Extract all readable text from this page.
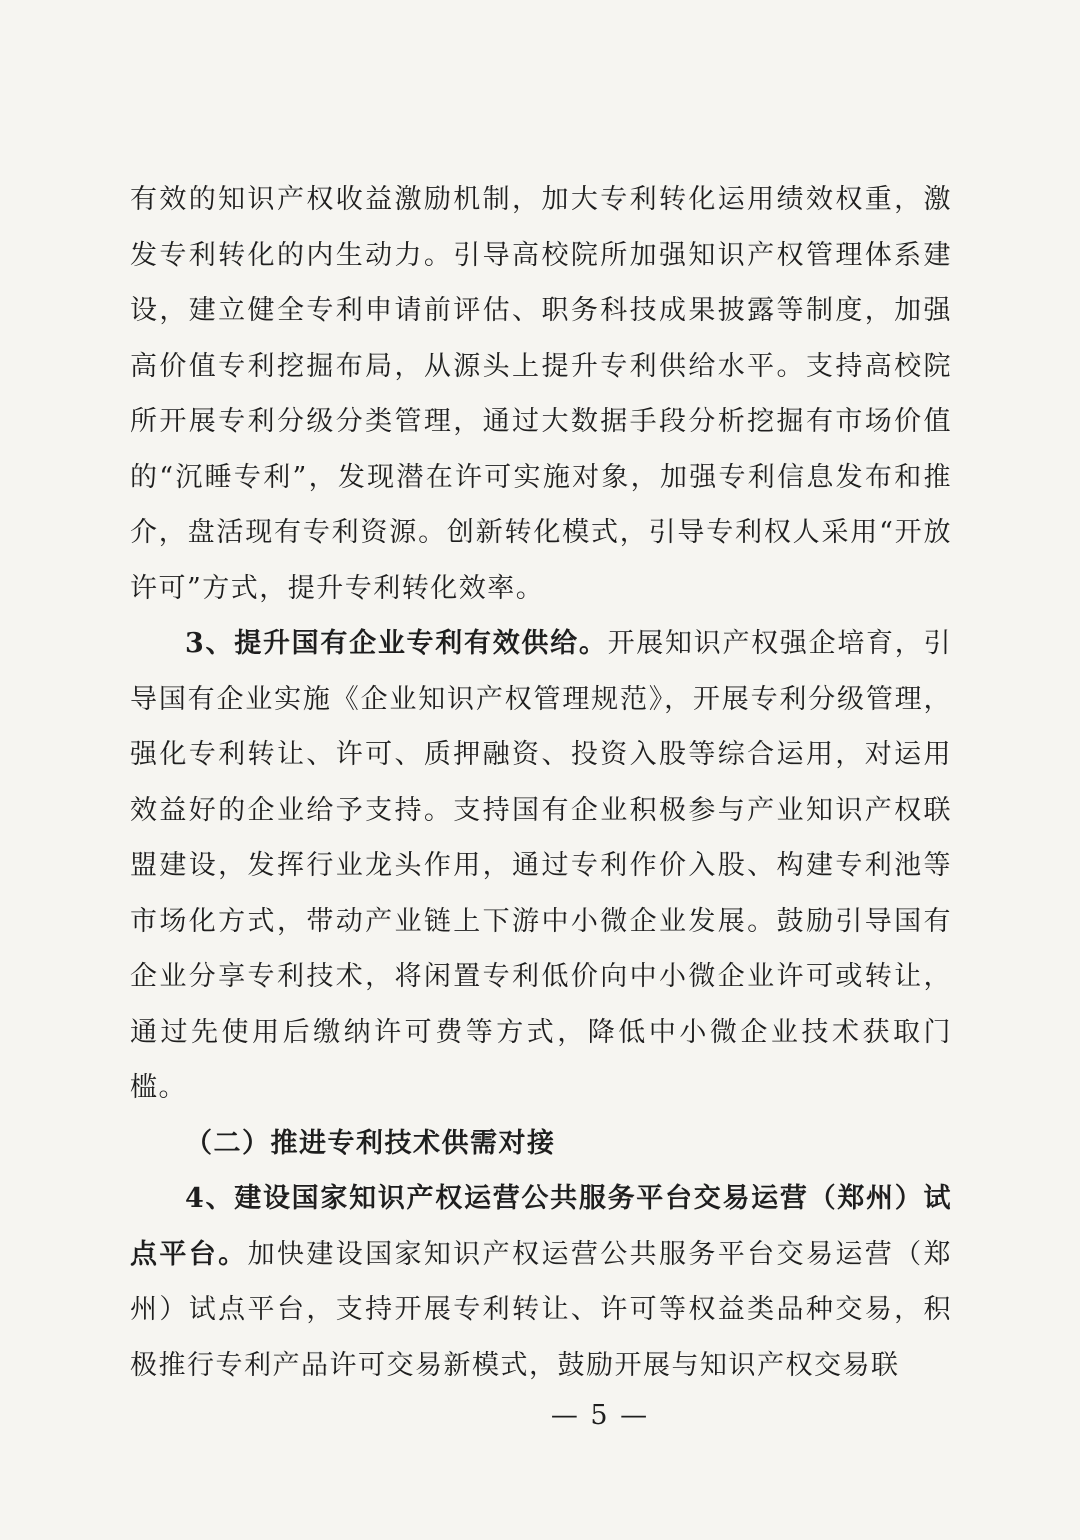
有效的知识产权收益激励机制，加大专利转化运用绩效权重，激发专利转化的内生动力。引导高校院所加强知识产权管理体系建设，建立健全专利申请前评估、职务科技成果披露等制度，加强高价值专利挖掘布局，从源头上提升专利供给水平。支持高校院所开展专利分级分类管理，通过大数据手段分析挖掘有市场价值的“沉睡专利”，发现潜在许可实施对象，加强专利信息发布和推介，盘活现有专利资源。创新转化模式，引导专利权人采用“开放许可”方式，提升专利转化效率。

3、提升国有企业专利有效供给。开展知识产权强企培育，引导国有企业实施《企业知识产权管理规范》，开展专利分级管理，强化专利转让、许可、质押融资、投资入股等综合运用，对运用效益好的企业给予支持。支持国有企业积极参与产业知识产权联盟建设，发挥行业龙头作用，通过专利作价入股、构建专利池等市场化方式，带动产业链上下游中小微企业发展。鼓励引导国有企业分享专利技术，将闲置专利低价向中小微企业许可或转让，通过先使用后缴纳许可费等方式，降低中小微企业技术获取门槛。

（二）推进专利技术供需对接

4、建设国家知识产权运营公共服务平台交易运营（郑州）试点平台。加快建设国家知识产权运营公共服务平台交易运营（郑州）试点平台，支持开展专利转让、许可等权益类品种交易，积极推行专利产品许可交易新模式，鼓励开展与知识产权交易联

— 5 —
